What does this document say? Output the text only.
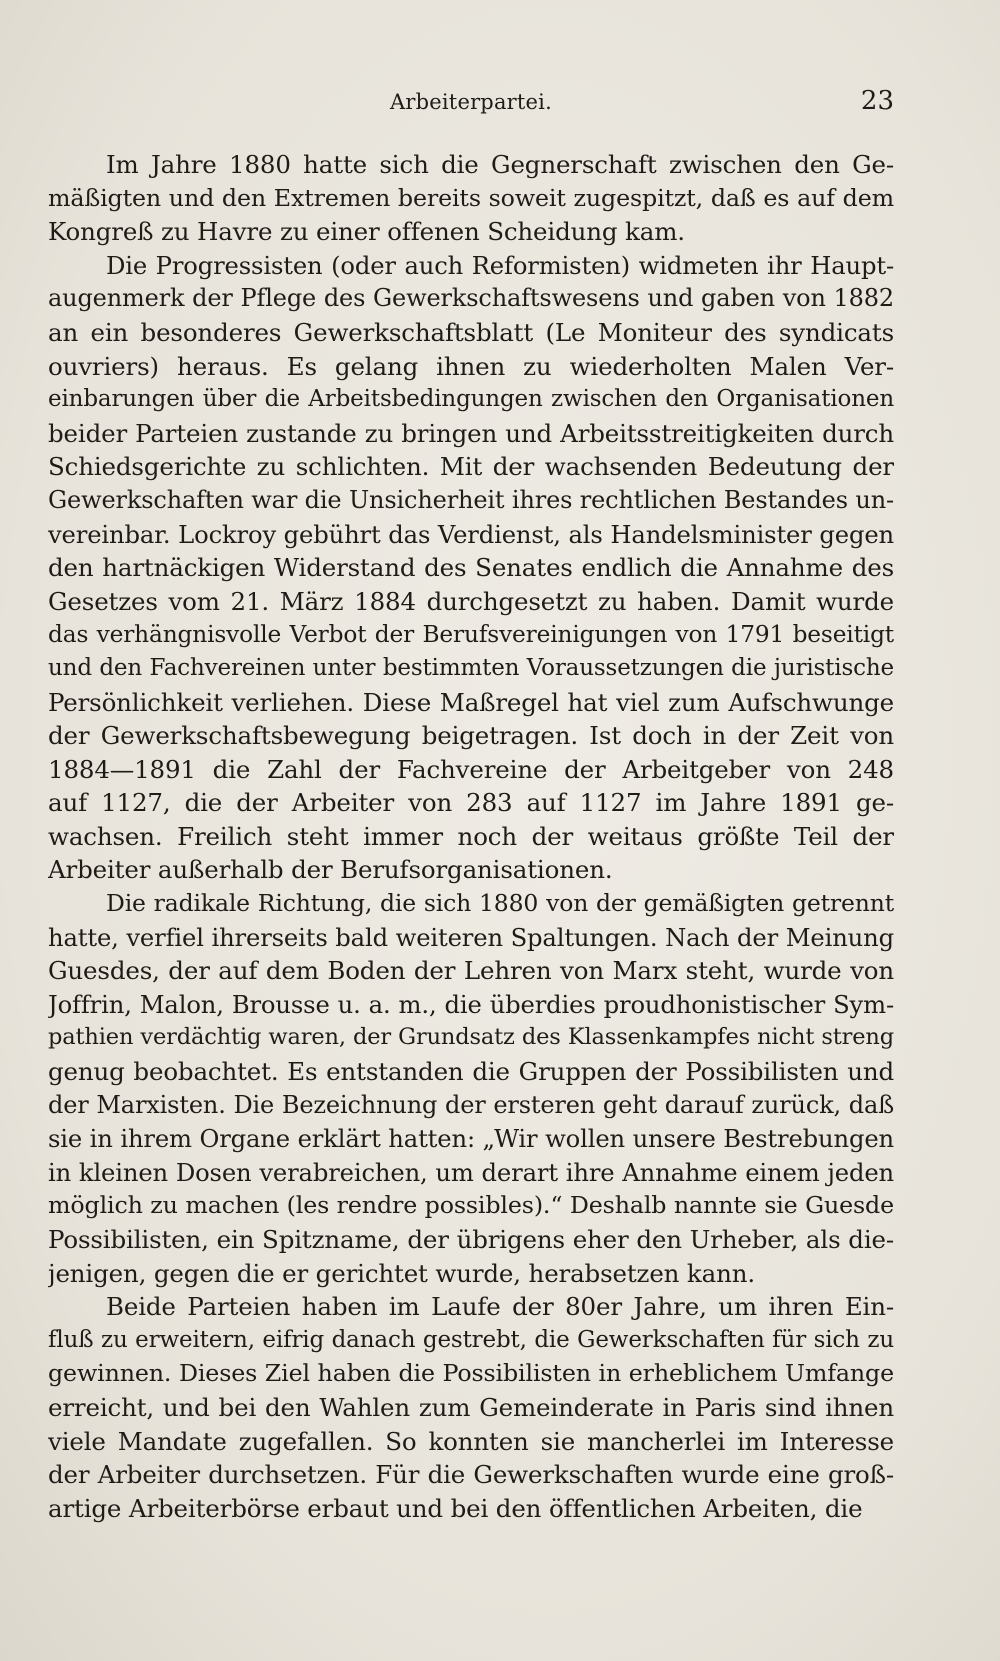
Arbeiterpartei.	23
Im Jahre 1880 hatte sich die Gegnerschaft zwischen den Ge-
mäßigten und den Extremen bereits soweit zugespitzt, daß es auf dem
Kongreß zu Havre zu einer offenen Scheidung kam.
Die Progressisten (oder auch Reformisten) widmeten ihr Haupt-
augenmerk der Pflege des Gewerkschaftswesens und gaben von 1882
an ein besonderes Gewerkschaftsblatt (Le Moniteur des syndicats
ouvriers) heraus. Es gelang ihnen zu wiederholten Malen Ver-
einbarungen über die Arbeitsbedingungen zwischen den Organisationen
beider Parteien zustande zu bringen und Arbeitsstreitigkeiten durch
Schiedsgerichte zu schlichten. Mit der wachsenden Bedeutung der
Gewerkschaften war die Unsicherheit ihres rechtlichen Bestandes un-
vereinbar. Lockroy gebührt das Verdienst, als Handelsminister gegen
den hartnäckigen Widerstand des Senates endlich die Annahme des
Gesetzes vom 21. März 1884 durchgesetzt zu haben. Damit wurde
das verhängnisvolle Verbot der Berufsvereinigungen von 1791 beseitigt
und den Fachvereinen unter bestimmten Voraussetzungen die juristische
Persönlichkeit verliehen. Diese Maßregel hat viel zum Aufschwunge
der Gewerkschaftsbewegung beigetragen. Ist doch in der Zeit von
1884—1891 die Zahl der Fachvereine der Arbeitgeber von 248
auf 1127, die der Arbeiter von 283 auf 1127 im Jahre 1891 ge-
wachsen. Freilich steht immer noch der weitaus größte Teil der
Arbeiter außerhalb der Berufsorganisationen.
Die radikale Richtung, die sich 1880 von der gemäßigten getrennt
hatte, verfiel ihrerseits bald weiteren Spaltungen. Nach der Meinung
Guesdes, der auf dem Boden der Lehren von Marx steht, wurde von
Joffrin, Malon, Brousse u. a. m., die überdies proudhonistischer Sym-
pathien verdächtig waren, der Grundsatz des Klassenkampfes nicht streng
genug beobachtet. Es entstanden die Gruppen der Possibilisten und
der Marxisten. Die Bezeichnung der ersteren geht darauf zurück, daß
sie in ihrem Organe erklärt hatten: „Wir wollen unsere Bestrebungen
in kleinen Dosen verabreichen, um derart ihre Annahme einem jeden
möglich zu machen (les rendre possibles).“ Deshalb nannte sie Guesde
Possibilisten, ein Spitzname, der übrigens eher den Urheber, als die-
jenigen, gegen die er gerichtet wurde, herabsetzen kann.
Beide Parteien haben im Laufe der 80er Jahre, um ihren Ein-
fluß zu erweitern, eifrig danach gestrebt, die Gewerkschaften für sich zu
gewinnen. Dieses Ziel haben die Possibilisten in erheblichem Umfange
erreicht, und bei den Wahlen zum Gemeinderate in Paris sind ihnen
viele Mandate zugefallen. So konnten sie mancherlei im Interesse
der Arbeiter durchsetzen. Für die Gewerkschaften wurde eine groß-
artige Arbeiterbörse erbaut und bei den öffentlichen Arbeiten, die
